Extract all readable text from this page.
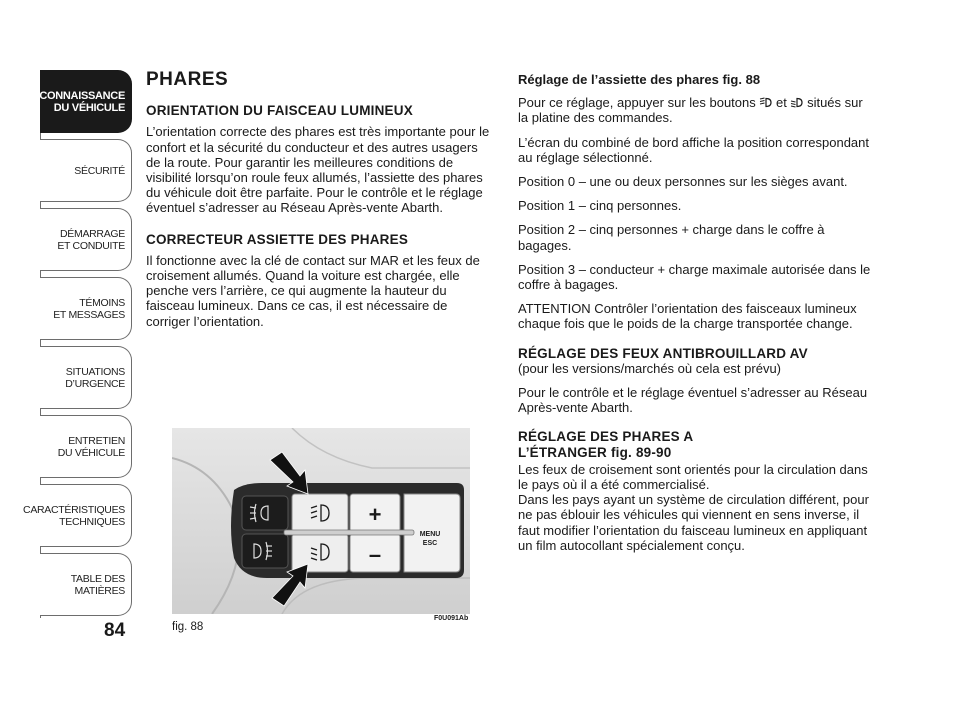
CONNAISSANCE
DU VÉHICULE
SÉCURITÉ
DÉMARRAGE
ET CONDUITE
TÉMOINS
ET MESSAGES
SITUATIONS
D’URGENCE
ENTRETIEN
DU VÉHICULE
CARACTÉRISTIQUES
TECHNIQUES
TABLE DES
MATIÈRES
84
PHARES
ORIENTATION DU FAISCEAU LUMINEUX

L’orientation correcte des phares est très importante pour le confort et la sécurité du conducteur et des autres usagers de la route. Pour garantir les meilleures conditions de visibilité lorsqu’on roule feux allumés, l’assiette des phares du véhicule doit être parfaite. Pour le contrôle et le réglage éventuel s’adresser au Réseau Après-vente Abarth.

CORRECTEUR ASSIETTE DES PHARES

Il fonctionne avec la clé de contact sur MAR et les feux de croisement allumés. Quand la voiture est chargée, elle penche vers l’arrière, ce qui augmente la hauteur du faisceau lumineux. Dans ce cas, il est nécessaire de corriger l’orientation.

Réglage de l’assiette des phares fig. 88

Pour ce réglage, appuyer sur les boutons  et  situés sur la platine des commandes.

L’écran du combiné de bord affiche la position correspondant au réglage sélectionné.

Position 0 – une ou deux personnes sur les sièges avant.

Position 1 – cinq personnes.

Position 2 – cinq personnes + charge dans le coffre à bagages.

Position 3 – conducteur + charge maximale autorisée dans le coffre à bagages.

ATTENTION Contrôler l’orientation des faisceaux lumineux chaque fois que le poids de la charge transportée change.

RÉGLAGE DES FEUX ANTIBROUILLARD AV

(pour les versions/marchés où cela est prévu)

Pour le contrôle et le réglage éventuel s’adresser au Réseau Après-vente Abarth.

RÉGLAGE DES PHARES A L’ÉTRANGER fig. 89-90

Les feux de croisement sont orientés pour la circulation dans le pays où il a été commercialisé.

Dans les pays ayant un système de circulation différent, pour ne pas éblouir les véhicules qui viennent en sens inverse, il faut modifier l’orientation du faisceau lumineux en appliquant un film autocollant spécialement conçu.

+
–
MENU
ESC
fig. 88
F0U091Ab
